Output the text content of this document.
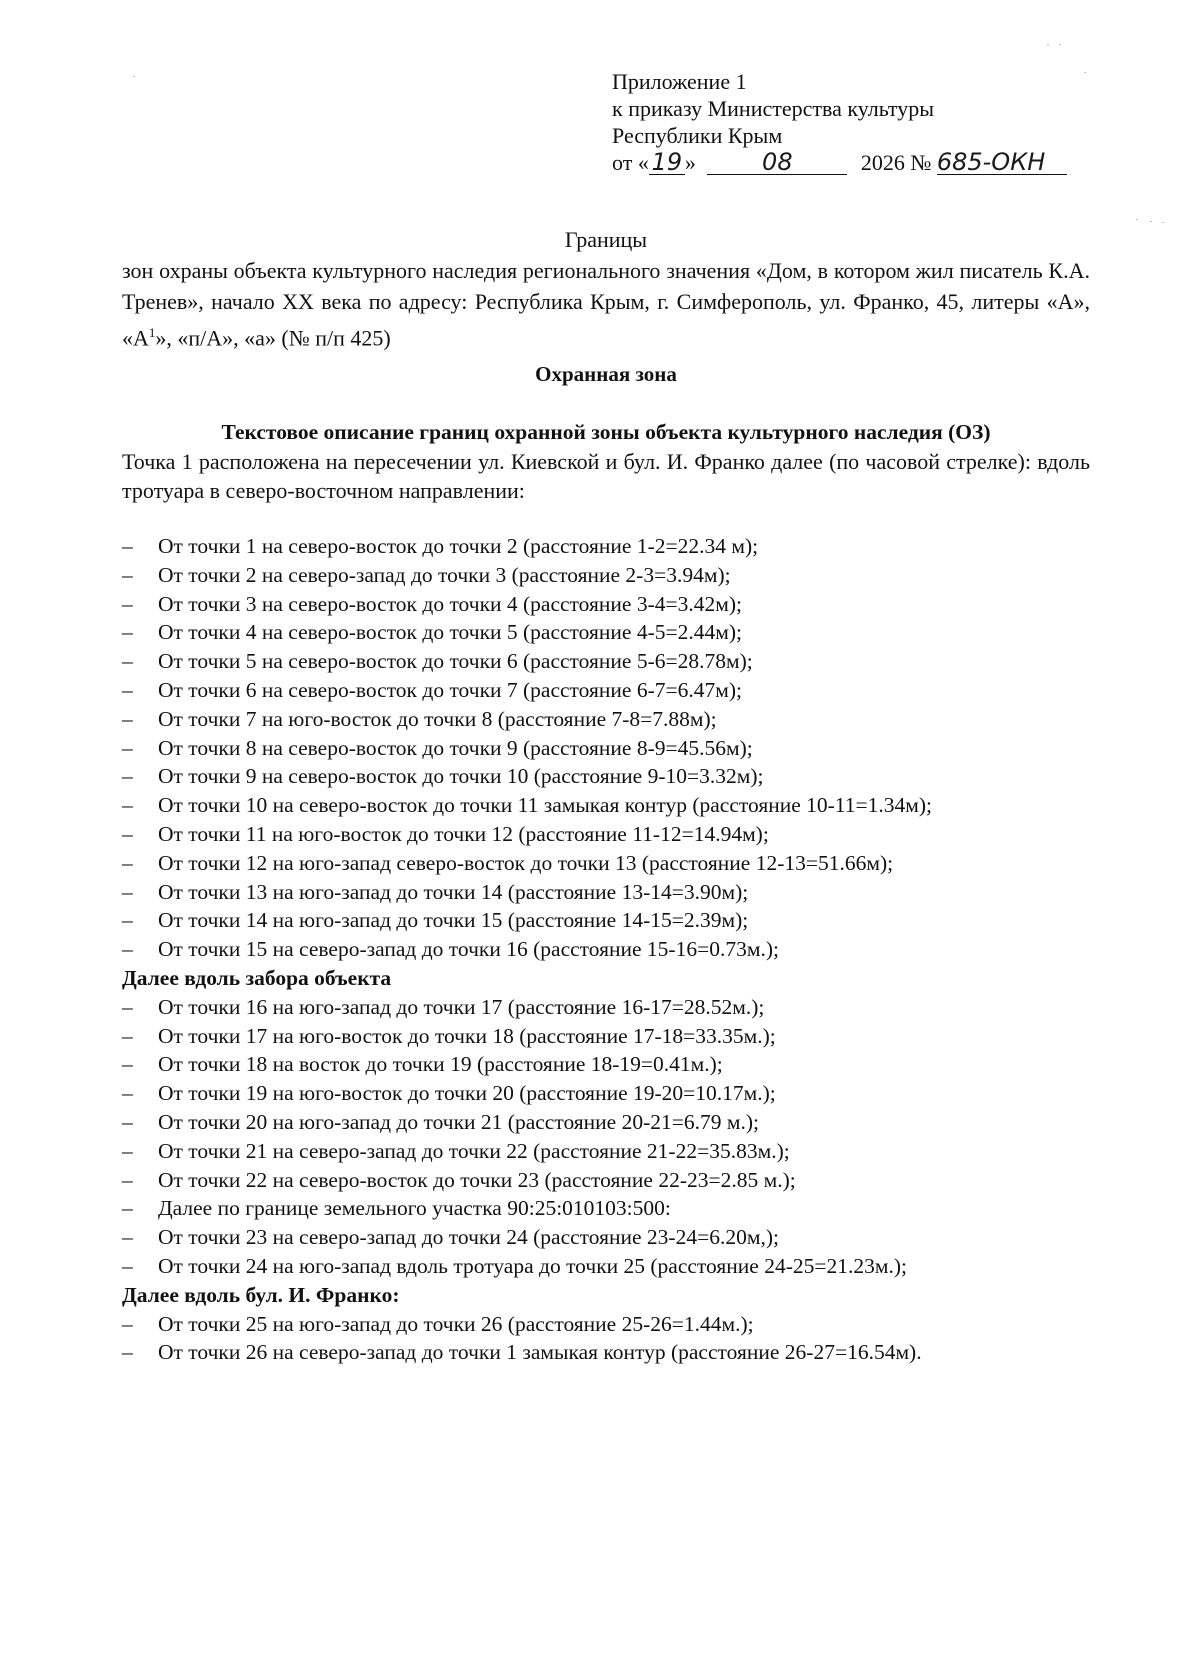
Приложение 1
к приказу Министерства культуры
Республики Крым
от « 19 »	08	2026 № 685-ОКН
Границы
зон охраны объекта культурного наследия регионального значения «Дом, в котором жил писатель К.А. Тренев», начало XX века по адресу: Республика Крым, г. Симферополь, ул. Франко, 45, литеры «А», «$А^1$», «п/А», «а» (№ п/п 425)
Охранная зона
Текстовое описание границ охранной зоны объекта культурного наследия (ОЗ)
Точка 1 расположена на пересечении ул. Киевской и бул. И. Франко далее (по часовой стрелке): вдоль тротуара в северо-восточном направлении:
– От точки 1 на северо-восток до точки 2 (расстояние 1-2=22.34 м);
– От точки 2 на северо-запад до точки 3 (расстояние 2-3=3.94м);
– От точки 3 на северо-восток до точки 4 (расстояние 3-4=3.42м);
– От точки 4 на северо-восток до точки 5 (расстояние 4-5=2.44м);
– От точки 5 на северо-восток до точки 6 (расстояние 5-6=28.78м);
– От точки 6 на северо-восток до точки 7 (расстояние 6-7=6.47м);
– От точки 7 на юго-восток до точки 8 (расстояние 7-8=7.88м);
– От точки 8 на северо-восток до точки 9 (расстояние 8-9=45.56м);
– От точки 9 на северо-восток до точки 10 (расстояние 9-10=3.32м);
– От точки 10 на северо-восток до точки 11 замыкая контур (расстояние 10-11=1.34м);
– От точки 11 на юго-восток до точки 12 (расстояние 11-12=14.94м);
– От точки 12 на юго-запад северо-восток до точки 13 (расстояние 12-13=51.66м);
– От точки 13 на юго-запад до точки 14 (расстояние 13-14=3.90м);
– От точки 14 на юго-запад до точки 15 (расстояние 14-15=2.39м);
– От точки 15 на северо-запад до точки 16 (расстояние 15-16=0.73м.);
Далее вдоль забора объекта
– От точки 16 на юго-запад до точки 17 (расстояние 16-17=28.52м.);
– От точки 17 на юго-восток до точки 18 (расстояние 17-18=33.35м.);
– От точки 18 на восток до точки 19 (расстояние 18-19=0.41м.);
– От точки 19 на юго-восток до точки 20 (расстояние 19-20=10.17м.);
– От точки 20 на юго-запад до точки 21 (расстояние 20-21=6.79 м.);
– От точки 21 на северо-запад до точки 22 (расстояние 21-22=35.83м.);
– От точки 22 на северо-восток до точки 23 (расстояние 22-23=2.85 м.);
– Далее по границе земельного участка 90:25:010103:500:
– От точки 23 на северо-запад до точки 24 (расстояние 23-24=6.20м,);
– От точки 24 на юго-запад вдоль тротуара до точки 25 (расстояние 24-25=21.23м.);
Далее вдоль бул. И. Франко:
– От точки 25 на юго-запад до точки 26 (расстояние 25-26=1.44м.);
– От точки 26 на северо-запад до точки 1 замыкая контур (расстояние 26-27=16.54м).
